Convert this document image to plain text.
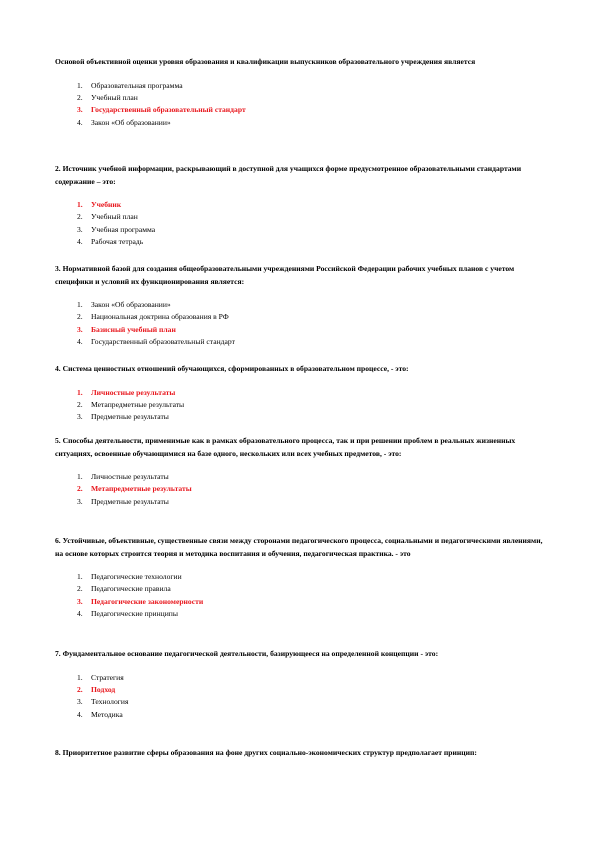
Основой объективной оценки уровня образования и квалификации выпускников образовательного учреждения является

1. Образовательная программа
2. Учебный план
3. Государственный образовательный стандарт
4. Закон «Об образовании»

2. Источник учебной информации, раскрывающий в доступной для учащихся форме предусмотренное образовательными стандартами содержание – это:

1. Учебник
2. Учебный план
3. Учебная программа
4. Рабочая тетрадь

3. Нормативной базой для создания общеобразовательными учреждениями Российской Федерации рабочих учебных планов с учетом специфики и условий их функционирования является:

1. Закон «Об образовании»
2. Национальная доктрина образования в РФ
3. Базисный учебный план
4. Государственный образовательный стандарт

4. Система ценностных отношений обучающихся, сформированных в образовательном процессе, - это:

1. Личностные результаты
2. Метапредметные результаты
3. Предметные результаты

5. Способы деятельности, применимые как в рамках образовательного процесса, так и при решении проблем в реальных жизненных ситуациях, освоенные обучающимися на базе одного, нескольких или всех учебных предметов, - это:

1. Личностные результаты
2. Метапредметные результаты
3. Предметные результаты

6. Устойчивые, объективные, существенные связи между сторонами педагогического процесса, социальными и педагогическими явлениями, на основе которых строится теория и методика воспитания и обучения, педагогическая практика. - это

1. Педагогические технологии
2. Педагогические правила
3. Педагогические закономерности
4. Педагогические принципы

7. Фундаментальное основание педагогической деятельности, базирующееся на определенной концепции - это:

1. Стратегия
2. Подход
3. Технология
4. Методика

8. Приоритетное развитие сферы образования на фоне других социально-экономических структур предполагает принцип:
